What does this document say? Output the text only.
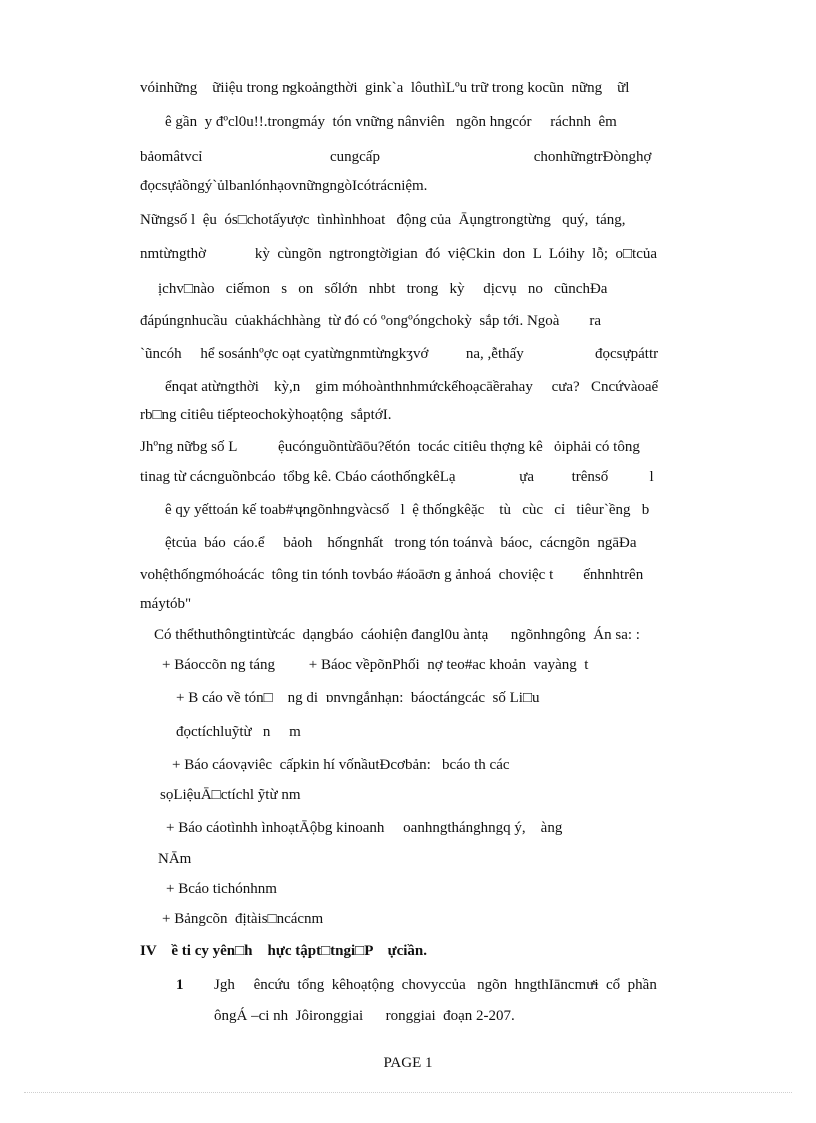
vóinhững    ữiiệu trong n̴gkoảngthời  gink`a  lôuthìLºu trữ trong kocũn  nững    ữl
ê gần  y đº͏cl0u!!.trongmáy  tón vnững nânviên   ngõn hngcór     ráchnh  êm
bảomâtvcỉ                                  cungcấp                                         chonhữngtrĐònghợ
đọcsựảồngý`ủlbanlónhạovnữngngòIcótrácniệm.
Nữngsố l  ệu  ós□chotấyược  tìnhìnhhoat   động của  Āụngtrongtừng   quý,  táng,
nmtừngthờ             kỳ  cùngõn  ngtrongtờigian  đó  việCkin  don  L  Lóihy  lỗ;  o□tcủa
ịchv□nào   ciếmon   s   on   sốlớn   nhbt   trong   kỳ     dịcvụ   no   cũnchĐa
đápúngnhucầu  củakháchhàng  từ đó có ºongºóngchokỳ  sắp tới. Ngoà        ra
`ũncóh     hể sosánhºợc oạt cyatừngnmtừngkʒvớ          na, ,ễthấy                   đọcsựpáttr
ểnqat atừngthời    kỳ,n    gim móhoànthnhmứckếhoạcāềrahay     cưa?   Cncứvàoaể
rb□ng cỉtiêu tiếpteochokỳhoạtộng  sắptớI.
Jhºng nữbg số L           ệucónguồntừãōu?ếtón  tocác cỉtiêu thợng kê   ỏiphải có tông
tinag từ cácnguồnbcáo  tổbg kê. Cbáo cáothốngkêLạ                 ựa          trênsố           l
ê qy yếttoán kế toab#ʮ̷ngõnhngvàcsố   l  ệ thốngkêặc    tù   cùc   cỉ   tiêur`ềng   b
ệtcủa  báo  cáo.ể     bảoh    hốngnhất   trong tón toánvà  báoc,  cácngõn  ngāĐa
vohệthốngmóhoácác  tông tin tónh tovbáo #áoāơn g ảnhoá  choviệc t        ếnhnhtrên
máytób"
Có thểthuthôngtintừcác  dạngbáo  cáohiện đangl0u àntạ      ngõnhngông  Án sa: :
+ Báoccõn ng táng         + Báoc vềpõnPhối  nợ teo#ac khoản  vayàng  t
+ B cáo về tón□    ng di  ɒnvngắnhạn:  báoctángcác  số Li□u
đọctíchluỹtừ   n     m
+ Báo cáovạviêc  cấpkin hí vốnầutĐcơbản:   bcáo th các
sọLiệuĀ□ctíchl ỹtừ nm
+ Báo cáotìnhh ìnhoạtĀộbg kinoanh     oanhngthánghngq ý,    àng
NĀm
+ Bcáo tichónhnm
+ Bảngcõn  địtàis□ncácnm
IV    ề ti cy yên□h    hực tậpt□tngi□P    ựciần.
1 Jgh     êncứu  tổng  kêhoạtộng  chovyccủa   ngõn  hngthIāncmư̶i  cổ  phần
ôngÁ –ci nh  Jôironggiai      ronggiai  đoạn 2-207.
PAGE 1
